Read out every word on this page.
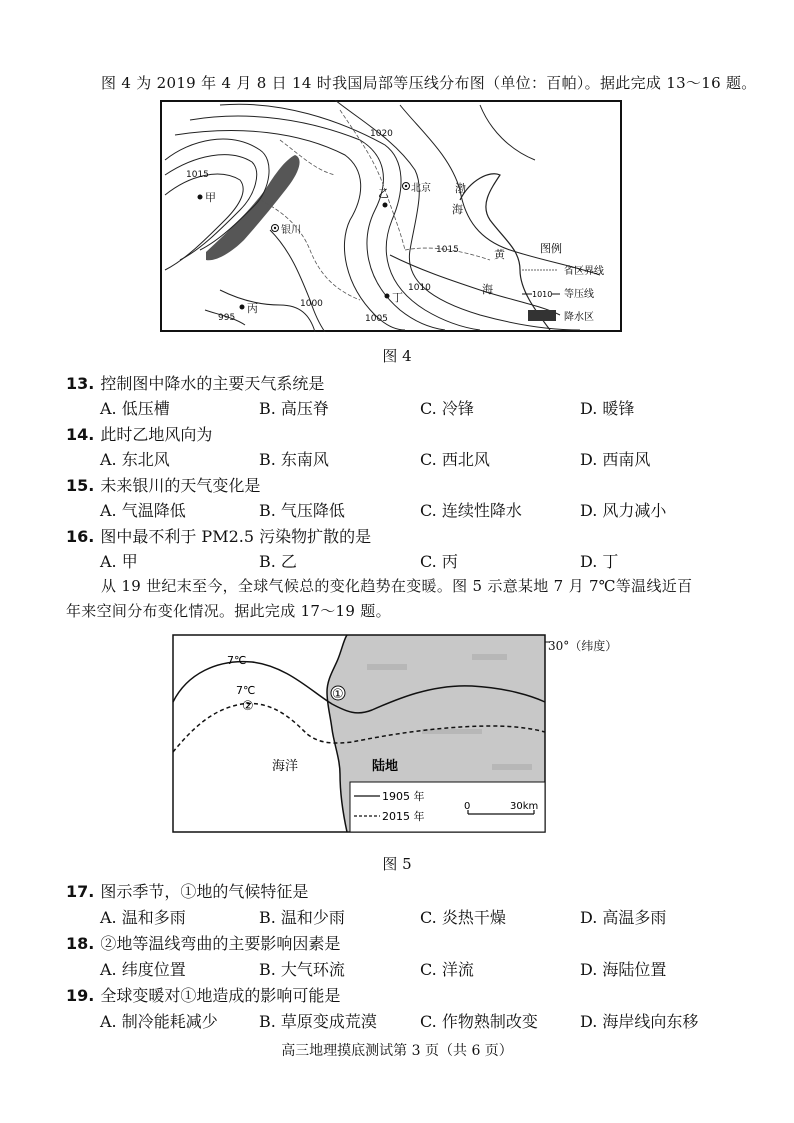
图 4 为 2019 年 4 月 8 日 14 时我国局部等压线分布图（单位：百帕）。据此完成 13～16 题。
图例
省区界线
1010 等压线
降水区
1020
1015
1015
1010
1005
1000
995
甲	乙
丙
丁
北京
银川
渤
海
黄
海
图 4
13. 控制图中降水的主要天气系统是
A. 低压槽	B. 高压脊	C. 冷锋	D. 暖锋
14. 此时乙地风向为
A. 东北风	B. 东南风	C. 西北风	D. 西南风
15. 未来银川的天气变化是
A. 气温降低	B. 气压降低	C. 连续性降水	D. 风力减小
16. 图中最不利于 PM2.5 污染物扩散的是
A. 甲	B. 乙	C. 丙	D. 丁
从 19 世纪末至今，全球气候总的变化趋势在变暖。图 5 示意某地 7 月 7℃等温线近百
年来空间分布变化情况。据此完成 17～19 题。
7℃
7℃
②
①
海洋	陆地
1905 年
2015 年
0	30km
30°（纬度）
图 5
17. 图示季节，①地的气候特征是
A. 温和多雨	B. 温和少雨	C. 炎热干燥	D. 高温多雨
18. ②地等温线弯曲的主要影响因素是
A. 纬度位置	B. 大气环流	C. 洋流	D. 海陆位置
19. 全球变暖对①地造成的影响可能是
A. 制冷能耗减少	B. 草原变成荒漠	C. 作物熟制改变	D. 海岸线向东移
高三地理摸底测试第 3 页（共 6 页）
